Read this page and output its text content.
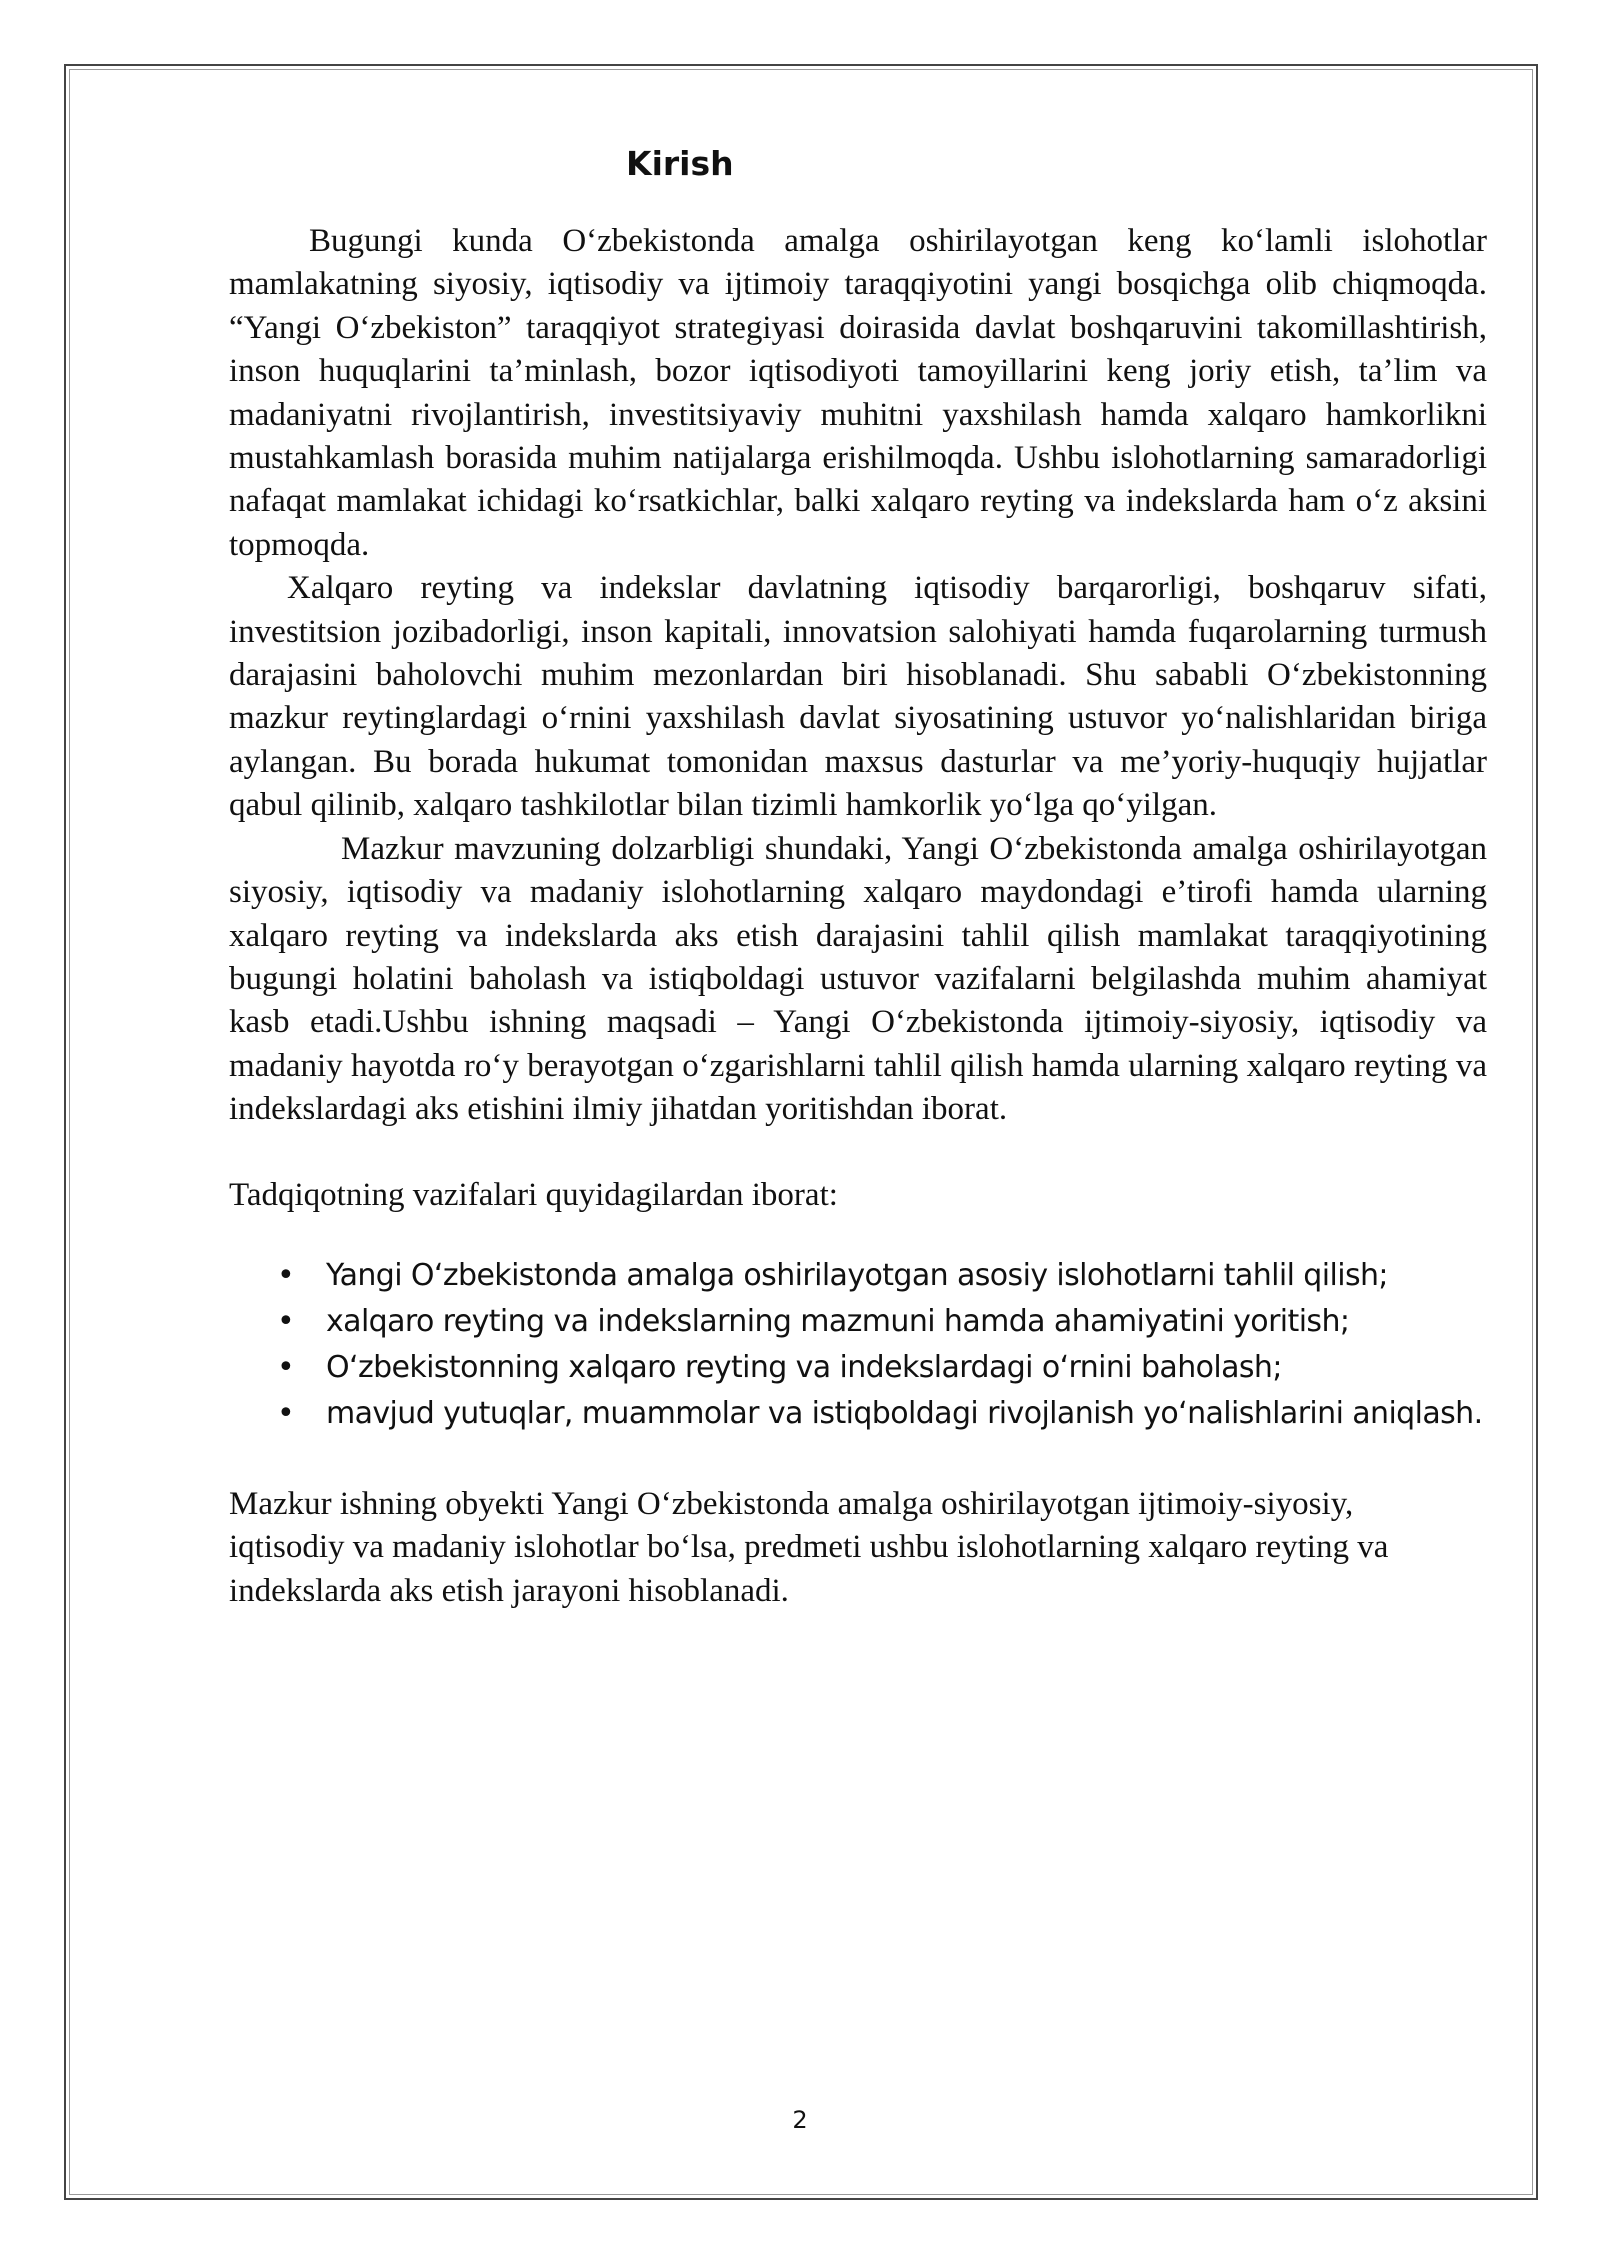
Kirish

Bugungi kunda O‘zbekistonda amalga oshirilayotgan keng ko‘lamli islohotlar mamlakatning siyosiy, iqtisodiy va ijtimoiy taraqqiyotini yangi bosqichga olib chiqmoqda. “Yangi O‘zbekiston” taraqqiyot strategiyasi doirasida davlat boshqaruvini takomillashtirish, inson huquqlarini ta’minlash, bozor iqtisodiyoti tamoyillarini keng joriy etish, ta’lim va madaniyatni rivojlantirish, investitsiyaviy muhitni yaxshilash hamda xalqaro hamkorlikni mustahkamlash borasida muhim natijalarga erishilmoqda. Ushbu islohotlarning samaradorligi nafaqat mamlakat ichidagi ko‘rsatkichlar, balki xalqaro reyting va indekslarda ham o‘z aksini topmoqda.

Xalqaro reyting va indekslar davlatning iqtisodiy barqarorligi, boshqaruv sifati, investitsion jozibadorligi, inson kapitali, innovatsion salohiyati hamda fuqarolarning turmush darajasini baholovchi muhim mezonlardan biri hisoblanadi. Shu sababli O‘zbekistonning mazkur reytinglardagi o‘rnini yaxshilash davlat siyosatining ustuvor yo‘nalishlaridan biriga aylangan. Bu borada hukumat tomonidan maxsus dasturlar va me’yoriy-huquqiy hujjatlar qabul qilinib, xalqaro tashkilotlar bilan tizimli hamkorlik yo‘lga qo‘yilgan.

Mazkur mavzuning dolzarbligi shundaki, Yangi O‘zbekistonda amalga oshirilayotgan siyosiy, iqtisodiy va madaniy islohotlarning xalqaro maydondagi e’tirofi hamda ularning xalqaro reyting va indekslarda aks etish darajasini tahlil qilish mamlakat taraqqiyotining bugungi holatini baholash va istiqboldagi ustuvor vazifalarni belgilashda muhim ahamiyat kasb etadi.Ushbu ishning maqsadi – Yangi O‘zbekistonda ijtimoiy-siyosiy, iqtisodiy va madaniy hayotda ro‘y berayotgan o‘zgarishlarni tahlil qilish hamda ularning xalqaro reyting va indekslardagi aks etishini ilmiy jihatdan yoritishdan iborat.

Tadqiqotning vazifalari quyidagilardan iborat:

• Yangi O‘zbekistonda amalga oshirilayotgan asosiy islohotlarni tahlil qilish;
• xalqaro reyting va indekslarning mazmuni hamda ahamiyatini yoritish;
• O‘zbekistonning xalqaro reyting va indekslardagi o‘rnini baholash;
• mavjud yutuqlar, muammolar va istiqboldagi rivojlanish yo‘nalishlarini aniqlash.

Mazkur ishning obyekti Yangi O‘zbekistonda amalga oshirilayotgan ijtimoiy-siyosiy, iqtisodiy va madaniy islohotlar bo‘lsa, predmeti ushbu islohotlarning xalqaro reyting va indekslarda aks etish jarayoni hisoblanadi.

2
